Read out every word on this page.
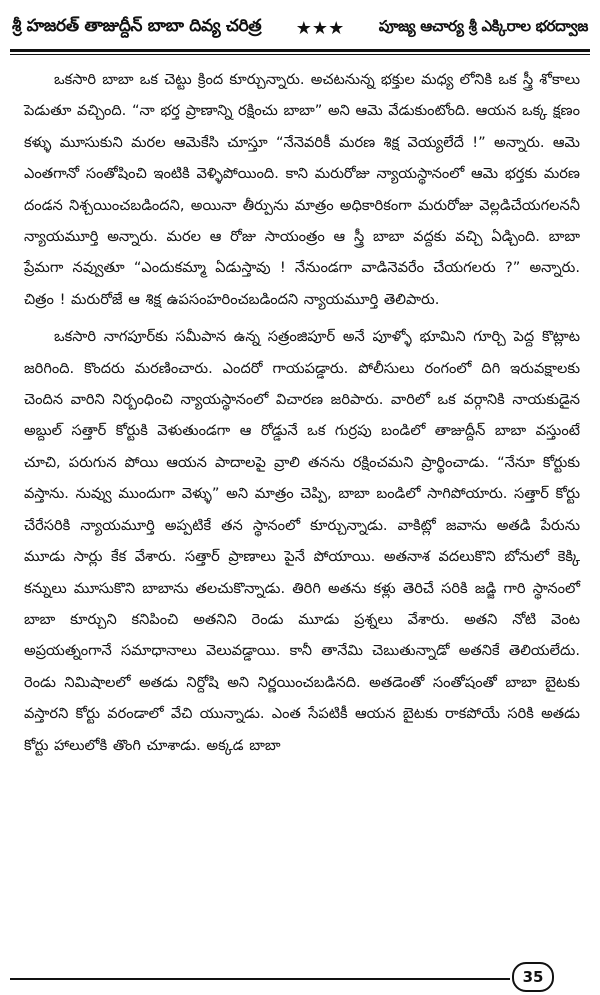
శ్రీ హజరత్ తాజుద్దీన్ బాబా దివ్య చరిత్ర ★★★ పూజ్య ఆచార్య శ్రీ ఎక్కిరాల భరద్వాజ

ఒకసారి బాబా ఒక చెట్టు క్రింద కూర్చున్నారు. అచటనున్న భక్తుల మధ్య లోనికి ఒక స్త్రీ శోకాలు పెడుతూ వచ్చింది. “నా భర్త ప్రాణాన్ని రక్షించు బాబా” అని ఆమె వేడుకుంటోంది. ఆయన ఒక్క క్షణం కళ్ళు మూసుకుని మరల ఆమెకేసి చూస్తూ “నేనెవరికీ మరణ శిక్ష వెయ్యలేదే !” అన్నారు. ఆమె ఎంతగానో సంతోషించి ఇంటికి వెళ్ళిపోయింది. కాని మరురోజు న్యాయస్థానంలో ఆమె భర్తకు మరణ దండన నిశ్చయించబడిందని, అయినా తీర్పును మాత్రం అధికారికంగా మరురోజు వెల్లడిచేయగలననీ న్యాయమూర్తి అన్నారు. మరల ఆ రోజు సాయంత్రం ఆ స్త్రీ బాబా వద్దకు వచ్చి ఏడ్చింది. బాబా ప్రేమగా నవ్వుతూ “ఎందుకమ్మా ఏడుస్తావు ! నేనుండగా వాడినెవరేం చేయగలరు ?” అన్నారు. చిత్రం ! మరురోజే ఆ శిక్ష ఉపసంహరించబడిందని న్యాయమూర్తి తెలిపారు.

ఒకసారి నాగపూర్‌కు సమీపాన ఉన్న సత్రంజిపూర్ అనే పూళ్ళో భూమిని గూర్చి పెద్ద కొట్లాట జరిగింది. కొందరు మరణించారు. ఎందరో గాయపడ్డారు. పోలీసులు రంగంలో దిగి ఇరువక్షాలకు చెందిన వారిని నిర్బంధించి న్యాయస్థానంలో విచారణ జరిపారు. వారిలో ఒక వర్గానికి నాయకుడైన అబ్దుల్ సత్తార్ కోర్టుకి వెళుతుండగా ఆ రోడ్డునే ఒక గుర్రపు బండిలో తాజుద్దీన్ బాబా వస్తుంటే చూచి, పరుగున పోయి ఆయన పాదాలపై వ్రాలి తనను రక్షించమని ప్రార్థించాడు. “నేనూ కోర్టుకు వస్తాను. నువ్వు ముందుగా వెళ్ళు” అని మాత్రం చెప్పి, బాబా బండిలో సాగిపోయారు. సత్తార్ కోర్టు చేరేసరికి న్యాయమూర్తి అప్పటికే తన స్థానంలో కూర్చున్నాడు. వాకిట్లో జవాను అతడి పేరును మూడు సార్లు కేక వేశారు. సత్తార్ ప్రాణాలు పైనే పోయాయి. అతనాశ వదలుకొని బోనులో కెక్కి కన్నులు మూసుకొని బాబాను తలచుకొన్నాడు. తిరిగి అతను కళ్లు తెరిచే సరికి జడ్జి గారి స్థానంలో బాబా కూర్చుని కనిపించి అతనిని రెండు మూడు ప్రశ్నలు వేశారు. అతని నోటి వెంట అప్రయత్నంగానే సమాధానాలు వెలువడ్డాయి. కానీ తానేమి చెబుతున్నాడో అతనికే తెలియలేదు. రెండు నిమిషాలలో అతడు నిర్దోషి అని నిర్ణయించబడినది. అతడెంతో సంతోషంతో బాబా బైటకు వస్తారని కోర్టు వరండాలో వేచి యున్నాడు. ఎంత సేపటికీ ఆయన బైటకు రాకపోయే సరికి అతడు కోర్టు హాలులోకి తొంగి చూశాడు. అక్కడ బాబా

35
